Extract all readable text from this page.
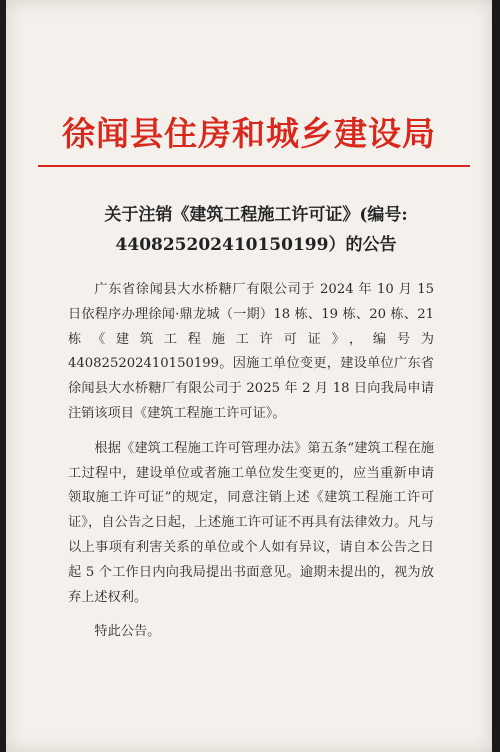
徐闻县住房和城乡建设局
关于注销《建筑工程施工许可证》(编号:
440825202410150199）的公告

广东省徐闻县大水桥糖厂有限公司于 2024 年 10 月 15 日依程序办理徐闻·鼎龙城（一期）18 栋、19 栋、20 栋、21 栋《建筑工程施工许可证》，编号为 440825202410150199。因施工单位变更，建设单位广东省徐闻县大水桥糖厂有限公司于 2025 年 2 月 18 日向我局申请注销该项目《建筑工程施工许可证》。

根据《建筑工程施工许可管理办法》第五条“建筑工程在施工过程中，建设单位或者施工单位发生变更的，应当重新申请领取施工许可证”的规定，同意注销上述《建筑工程施工许可证》，自公告之日起，上述施工许可证不再具有法律效力。凡与以上事项有利害关系的单位或个人如有异议，请自本公告之日起 5 个工作日内向我局提出书面意见。逾期未提出的，视为放弃上述权利。

特此公告。
